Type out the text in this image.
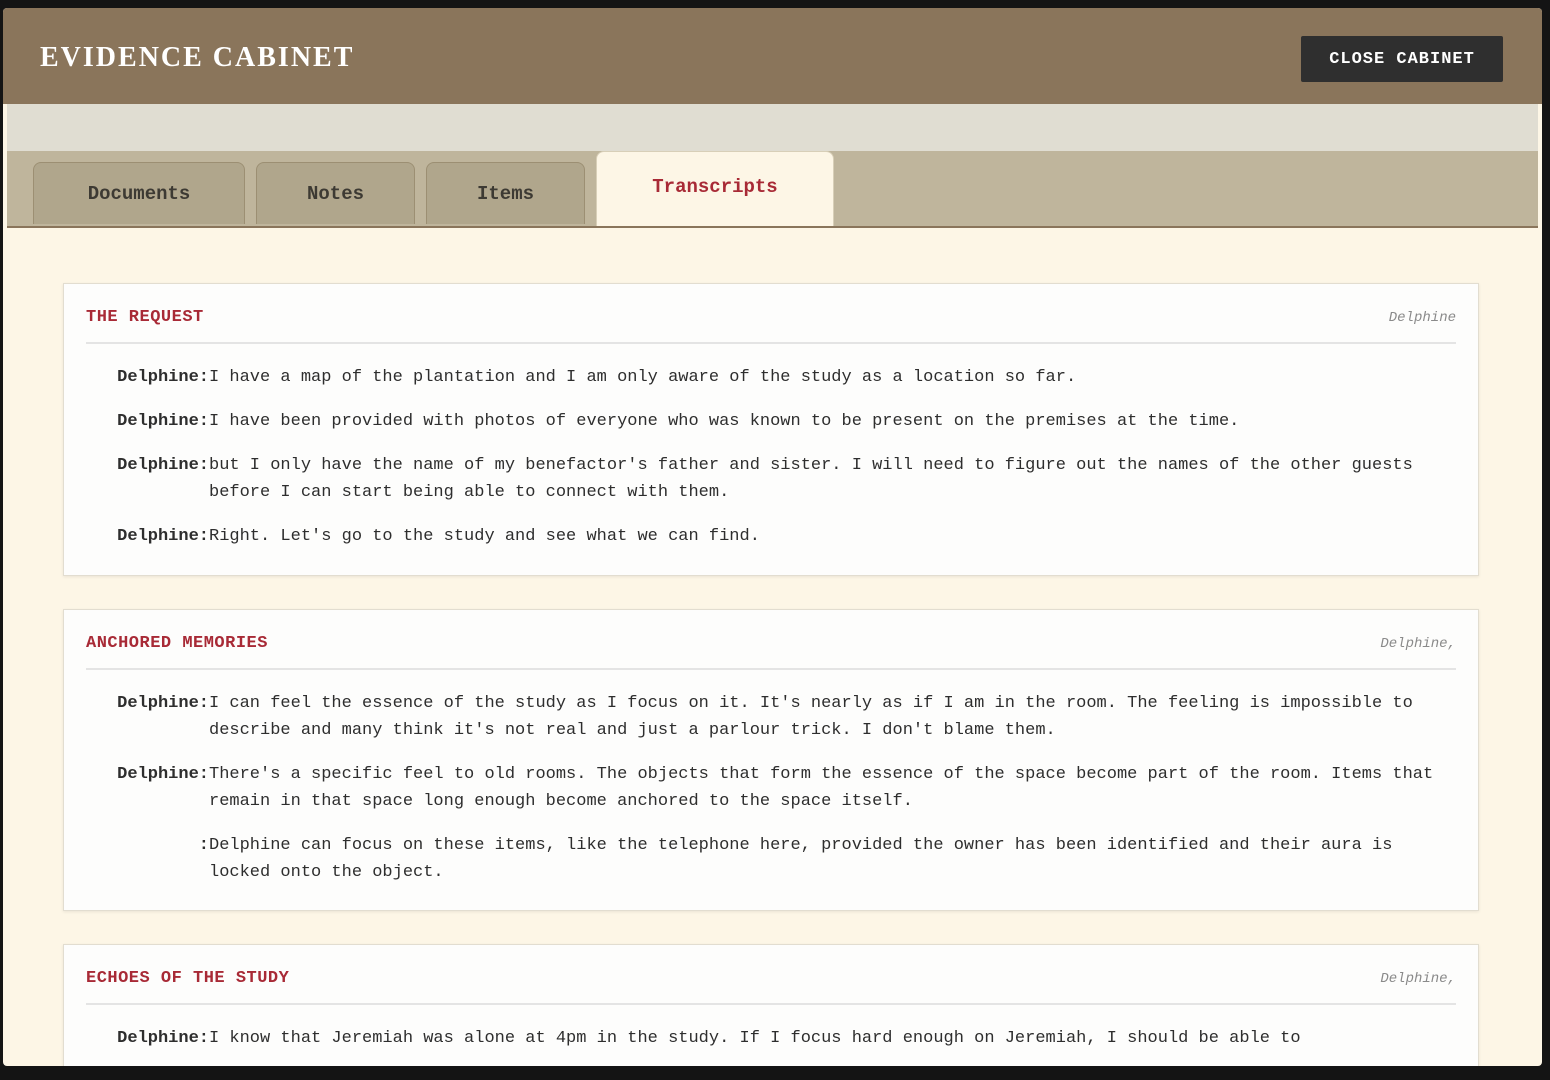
EVIDENCE CABINET	CLOSE CABINET
Documents	Notes	Items	Transcripts
THE REQUEST	Delphine
Delphine: I have a map of the plantation and I am only aware of the study as a location so far.
Delphine: I have been provided with photos of everyone who was known to be present on the premises at the time.
Delphine: but I only have the name of my benefactor's father and sister. I will need to figure out the names of the other guests before I can start being able to connect with them.
Delphine: Right. Let's go to the study and see what we can find.
ANCHORED MEMORIES	Delphine,
Delphine: I can feel the essence of the study as I focus on it. It's nearly as if I am in the room. The feeling is impossible to describe and many think it's not real and just a parlour trick. I don't blame them.
Delphine: There's a specific feel to old rooms. The objects that form the essence of the space become part of the room. Items that remain in that space long enough become anchored to the space itself.
: Delphine can focus on these items, like the telephone here, provided the owner has been identified and their aura is locked onto the object.
ECHOES OF THE STUDY	Delphine,
Delphine: I know that Jeremiah was alone at 4pm in the study. If I focus hard enough on Jeremiah, I should be able to
